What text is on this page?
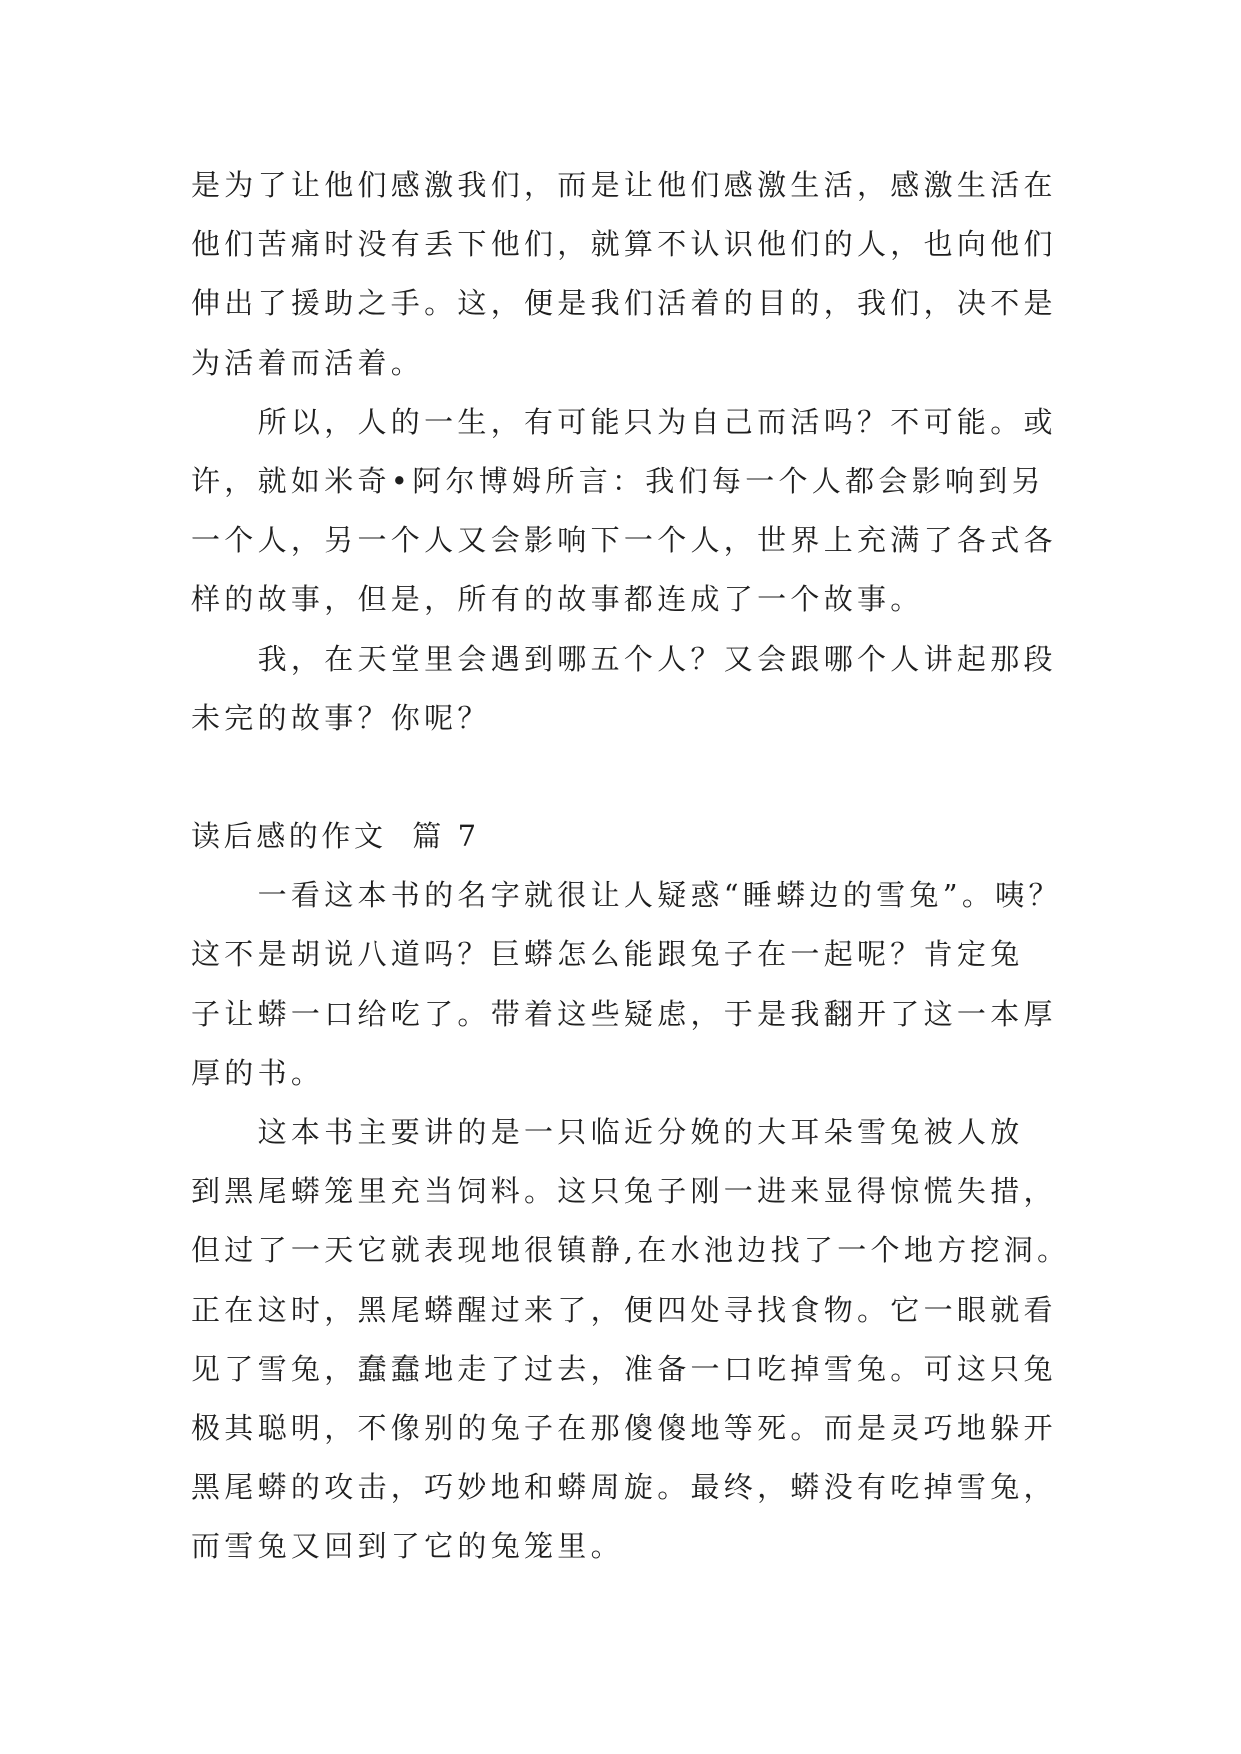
是为了让他们感激我们，而是让他们感激生活，感激生活在
他们苦痛时没有丢下他们，就算不认识他们的人，也向他们
伸出了援助之手。这，便是我们活着的目的，我们，决不是
为活着而活着。
所以，人的一生，有可能只为自己而活吗？不可能。或
许，就如米奇•阿尔博姆所言：我们每一个人都会影响到另
一个人，另一个人又会影响下一个人，世界上充满了各式各
样的故事，但是，所有的故事都连成了一个故事。
我，在天堂里会遇到哪五个人？又会跟哪个人讲起那段
未完的故事？你呢？
读后感的作文  篇 7
一看这本书的名字就很让人疑惑“睡蟒边的雪兔”。咦？
这不是胡说八道吗？巨蟒怎么能跟兔子在一起呢？肯定兔
子让蟒一口给吃了。带着这些疑虑，于是我翻开了这一本厚
厚的书。
这本书主要讲的是一只临近分娩的大耳朵雪兔被人放
到黑尾蟒笼里充当饲料。这只兔子刚一进来显得惊慌失措，
但过了一天它就表现地很镇静,在水池边找了一个地方挖洞。
正在这时，黑尾蟒醒过来了，便四处寻找食物。它一眼就看
见了雪兔，蠢蠢地走了过去，准备一口吃掉雪兔。可这只兔
极其聪明，不像别的兔子在那傻傻地等死。而是灵巧地躲开
黑尾蟒的攻击，巧妙地和蟒周旋。最终，蟒没有吃掉雪兔，
而雪兔又回到了它的兔笼里。
